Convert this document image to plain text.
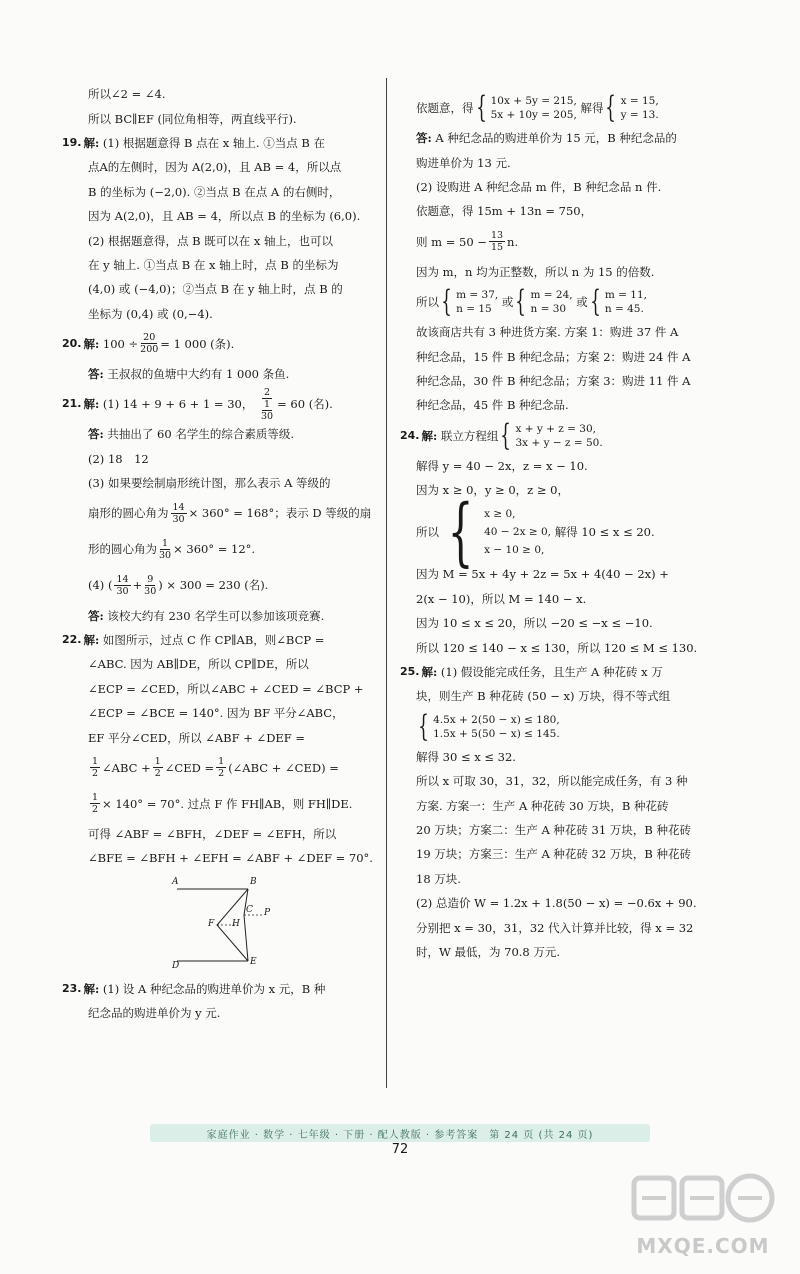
所以∠2 = ∠4.

所以 BC∥EF (同位角相等，两直线平行).

19. 解:
(1) 根据题意得 B 点在 x 轴上. ①当点 B 在

点A的左侧时，因为 A(2,0)，且 AB = 4，所以点

B 的坐标为 (−2,0). ②当点 B 在点 A 的右侧时，

因为 A(2,0)，且 AB = 4，所以点 B 的坐标为 (6,0).

(2) 根据题意得，点 B 既可以在 x 轴上，也可以

在 y 轴上. ①当点 B 在 x 轴上时，点 B 的坐标为

(4,0) 或 (−4,0)；②当点 B 在 y 轴上时，点 B 的

坐标为 (0,4) 或 (0,−4).

20. 解:
$100 \div \frac{20}{200} = 1$ 000 (条).

答:
王叔叔的鱼塘中大约有 1 000 条鱼.

21. 解:
(1) 14 + 9 + 6 + 1 = 30，
$\frac{2}{\frac{1}{30}} = 60$ (名).

答:
共抽出了 60 名学生的综合素质等级.

(2) 18　12

(3) 如果要绘制扇形统计图，那么表示 A 等级的

扇形的圆心角为 $\frac{14}{30} \times 360^\circ = 168^\circ$；表示 D 等级的扇

形的圆心角为 $\frac{1}{30} \times 360^\circ = 12^\circ$.

(4) ( $\frac{14}{30} + \frac{9}{30}$ ) × 300 = 230 (名).

答:
该校大约有 230 名学生可以参加该项竞赛.

22. 解:
如图所示，过点 C 作 CP∥AB，则∠BCP =

∠ABC. 因为 AB∥DE，所以 CP∥DE，所以

∠ECP = ∠CED，所以∠ABC + ∠CED = ∠BCP +

∠ECP = ∠BCE = 140°. 因为 BF 平分∠ABC，

EF 平分∠CED，所以 ∠ABF + ∠DEF =

$\frac{1}{2}$ ∠ABC + $\frac{1}{2}$ ∠CED = $\frac{1}{2}$ (∠ABC + ∠CED) =

$\frac{1}{2} \times 140^\circ = 70^\circ$. 过点 F 作 FH∥AB，则 FH∥DE.

可得 ∠ABF = ∠BFH，∠DEF = ∠EFH，所以

∠BFE = ∠BFH + ∠EFH = ∠ABF + ∠DEF = 70°.

A	B
C P
F H
D	E

23. 解:
(1) 设 A 种纪念品的购进单价为 x 元，B 种

纪念品的购进单价为 y 元.

依题意，得 { 10x + 5y = 215,
5x + 10y = 205,
解得 { x = 15,
y = 13.

答:
A 种纪念品的购进单价为 15 元，B 种纪念品的

购进单价为 13 元.

(2) 设购进 A 种纪念品 m 件，B 种纪念品 n 件.

依题意，得 15m + 13n = 750，

则 $m = 50 - \frac{13}{15} n$.

因为 m，n 均为正整数，所以 n 为 15 的倍数.

所以 { m = 37,
n = 15
或 { m = 24,
n = 30
或 { m = 11,
n = 45.

故该商店共有 3 种进货方案. 方案 1：购进 37 件 A

种纪念品，15 件 B 种纪念品；方案 2：购进 24 件 A

种纪念品，30 件 B 种纪念品；方案 3：购进 11 件 A

种纪念品，45 件 B 种纪念品.

24. 解:
联立方程组 { x + y + z = 30,
3x + y − z = 50.

解得 y = 40 − 2x，z = x − 10.

因为 x ≥ 0，y ≥ 0，z ≥ 0，

所以 { x ≥ 0,
40 − 2x ≥ 0,
x − 10 ≥ 0,

解得 10 ≤ x ≤ 20.

因为 M = 5x + 4y + 2z = 5x + 4(40 − 2x) +

2(x − 10)，所以 M = 140 − x.

因为 10 ≤ x ≤ 20，所以 −20 ≤ −x ≤ −10.

所以 120 ≤ 140 − x ≤ 130，所以 120 ≤ M ≤ 130.

25. 解:
(1) 假设能完成任务，且生产 A 种花砖 x 万

块，则生产 B 种花砖 (50 − x) 万块，得不等式组

{ 4.5x + 2(50 − x) ≤ 180,
1.5x + 5(50 − x) ≤ 145.

解得 30 ≤ x ≤ 32.

所以 x 可取 30，31，32，所以能完成任务，有 3 种

方案. 方案一：生产 A 种花砖 30 万块，B 种花砖

20 万块；方案二：生产 A 种花砖 31 万块，B 种花砖

19 万块；方案三：生产 A 种花砖 32 万块，B 种花砖

18 万块.

(2) 总造价 W = 1.2x + 1.8(50 − x) = −0.6x + 90.

分别把 x = 30，31，32 代入计算并比较，得 x = 32

时，W 最低，为 70.8 万元.

家庭作业 · 数学 · 七年级 · 下册 · 配人教版 · 参考答案　第 24 页 (共 24 页)
72
MXQE.COM
